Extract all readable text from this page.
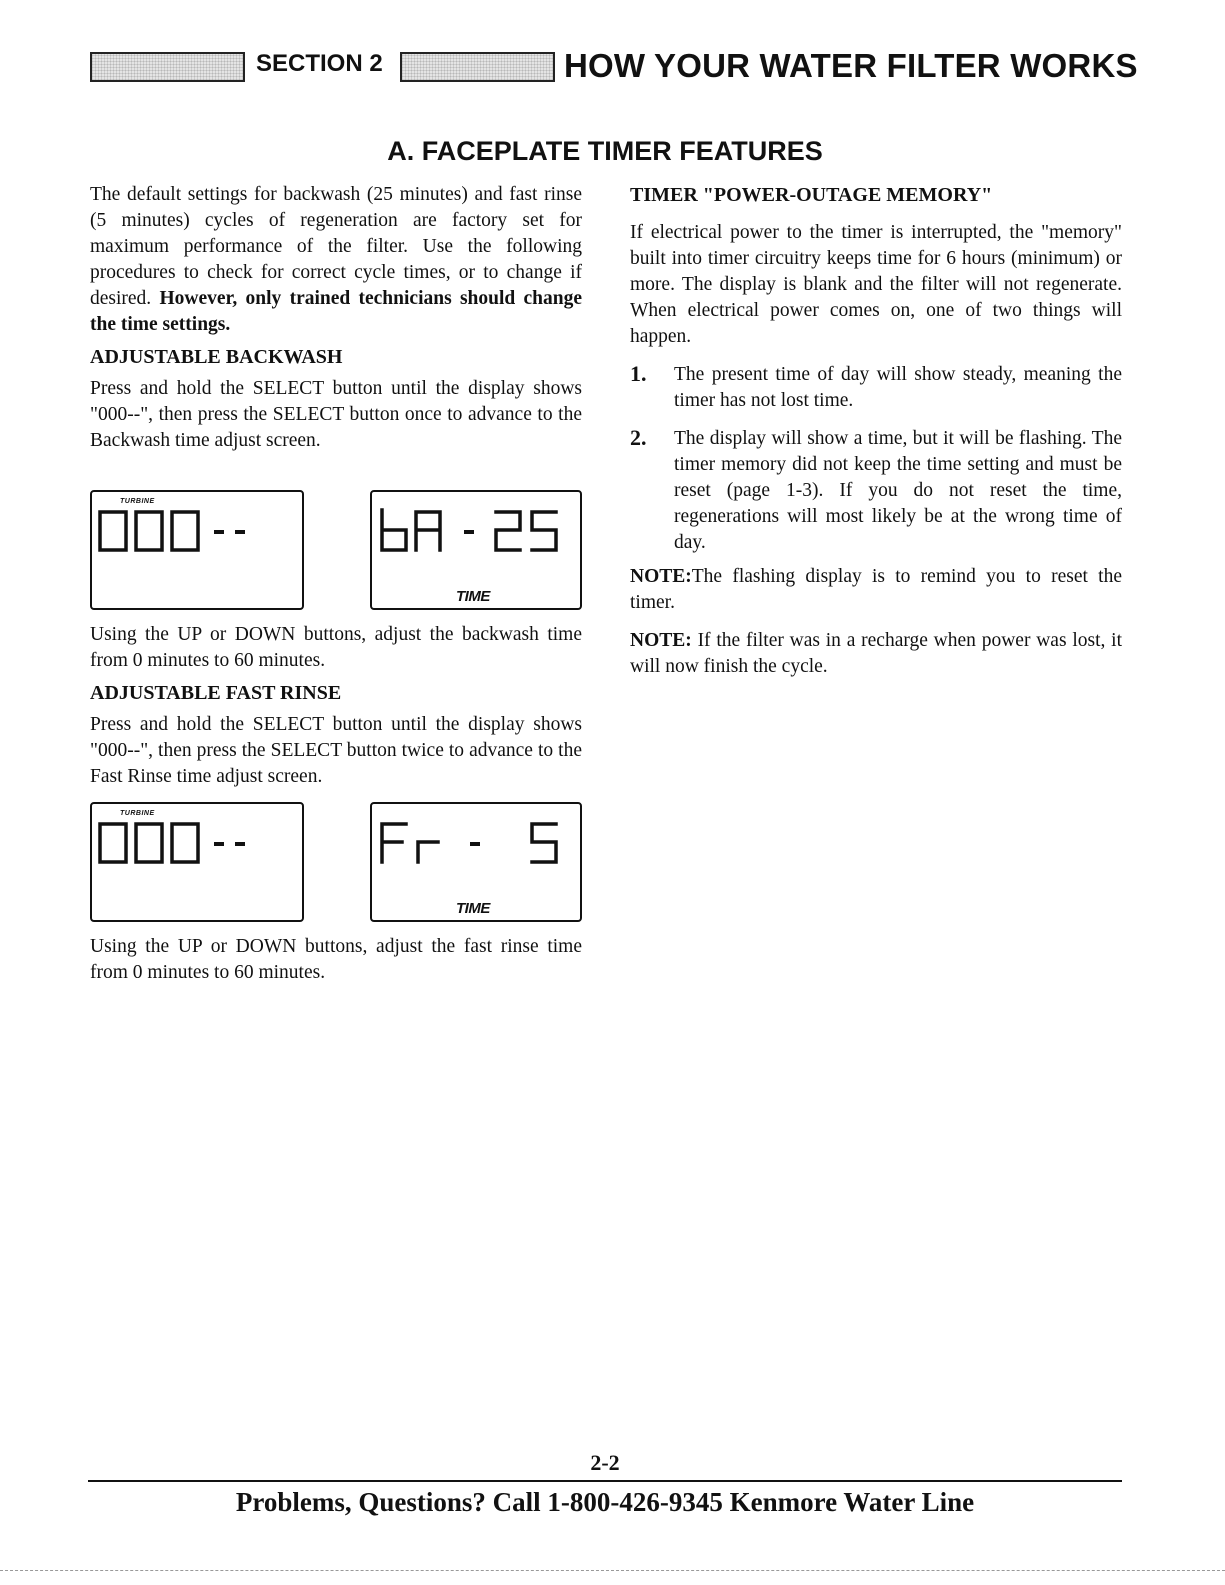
SECTION 2	HOW YOUR WATER FILTER WORKS
A. FACEPLATE TIMER FEATURES

The default settings for backwash (25 minutes) and fast rinse (5 minutes) cycles of regeneration are factory set for maximum performance of the filter. Use the following procedures to check for correct cycle times, or to change if desired. However, only trained technicians should change the time settings.

ADJUSTABLE BACKWASH

Press and hold the SELECT button until the display shows "000--", then press the SELECT button once to advance to the Backwash time adjust screen.

Using the UP or DOWN buttons, adjust the backwash time from 0 minutes to 60 minutes.

ADJUSTABLE FAST RINSE

Press and hold the SELECT button until the display shows "000--", then press the SELECT button twice to advance to the Fast Rinse time adjust screen.

Using the UP or DOWN buttons, adjust the fast rinse time from 0 minutes to 60 minutes.

TURBINE
TIME
TURBINE
TIME

TIMER "POWER-OUTAGE MEMORY"

If electrical power to the timer is interrupted, the "memory" built into timer circuitry keeps time for 6 hours (minimum) or more. The display is blank and the filter will not regenerate. When electrical power comes on, one of two things will happen.

1. The present time of day will show steady, meaning the timer has not lost time.

2. The display will show a time, but it will be flashing. The timer memory did not keep the time setting and must be reset (page 1-3). If you do not reset the time, regenerations will most likely be at the wrong time of day.

NOTE:The flashing display is to remind you to reset the timer.

NOTE: If the filter was in a recharge when power was lost, it will now finish the cycle.

2-2
Problems, Questions? Call 1-800-426-9345 Kenmore Water Line
